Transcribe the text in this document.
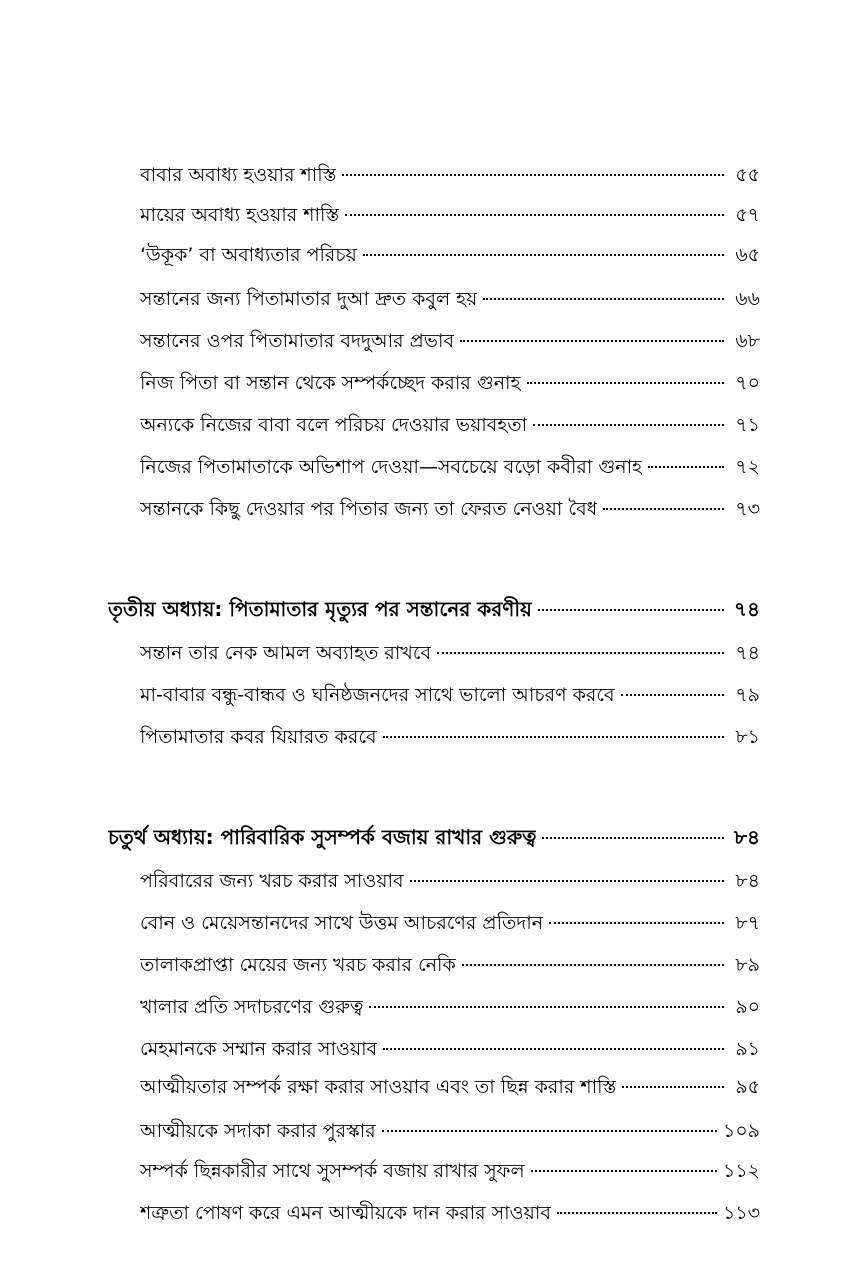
বাবার অবাধ্য হওয়ার শাস্তি	৫৫
মায়ের অবাধ্য হওয়ার শাস্তি	৫৭
‘উকূক’ বা অবাধ্যতার পরিচয়	৬৫
সন্তানের জন্য পিতামাতার দুআ দ্রুত কবুল হয়	৬৬
সন্তানের ওপর পিতামাতার বদদুআর প্রভাব	৬৮
নিজ পিতা বা সন্তান থেকে সম্পর্কচ্ছেদ করার গুনাহ	৭০
অন্যকে নিজের বাবা বলে পরিচয় দেওয়ার ভয়াবহতা	৭১
নিজের পিতামাতাকে অভিশাপ দেওয়া—সবচেয়ে বড়ো কবীরা গুনাহ	৭২
সন্তানকে কিছু দেওয়ার পর পিতার জন্য তা ফেরত নেওয়া বৈধ	৭৩
তৃতীয় অধ্যায়: পিতামাতার মৃত্যুর পর সন্তানের করণীয়	৭৪
সন্তান তার নেক আমল অব্যাহত রাখবে	৭৪
মা-বাবার বন্ধু-বান্ধব ও ঘনিষ্ঠজনদের সাথে ভালো আচরণ করবে	৭৯
পিতামাতার কবর যিয়ারত করবে	৮১
চতুর্থ অধ্যায়: পারিবারিক সুসম্পর্ক বজায় রাখার গুরুত্ব	৮৪
পরিবারের জন্য খরচ করার সাওয়াব	৮৪
বোন ও মেয়েসন্তানদের সাথে উত্তম আচরণের প্রতিদান	৮৭
তালাকপ্রাপ্তা মেয়ের জন্য খরচ করার নেকি	৮৯
খালার প্রতি সদাচরণের গুরুত্ব	৯০
মেহমানকে সম্মান করার সাওয়াব	৯১
আত্মীয়তার সম্পর্ক রক্ষা করার সাওয়াব এবং তা ছিন্ন করার শাস্তি	৯৫
আত্মীয়কে সদাকা করার পুরস্কার	১০৯
সম্পর্ক ছিন্নকারীর সাথে সুসম্পর্ক বজায় রাখার সুফল	১১২
শত্রুতা পোষণ করে এমন আত্মীয়কে দান করার সাওয়াব	১১৩
